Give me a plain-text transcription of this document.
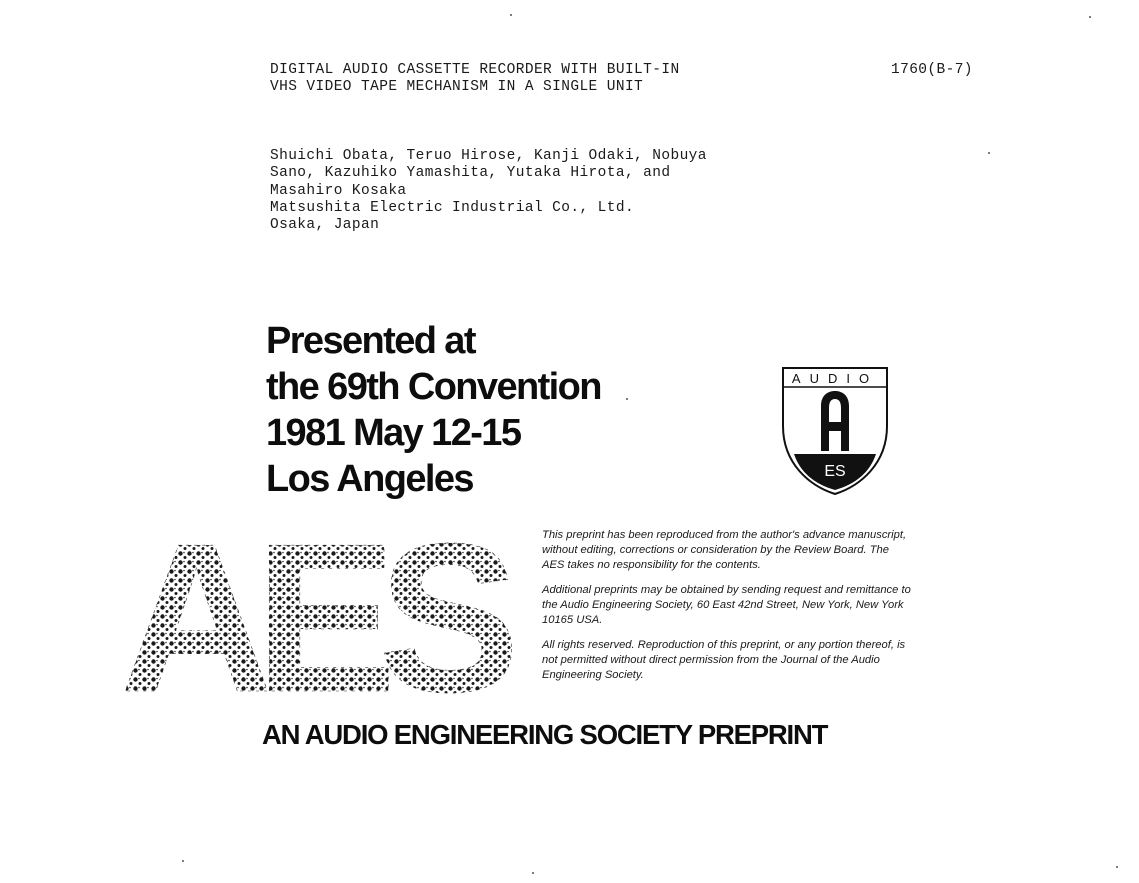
DIGITAL AUDIO CASSETTE RECORDER WITH BUILT-IN
VHS VIDEO TAPE MECHANISM IN A SINGLE UNIT
1760(B-7)
Shuichi Obata, Teruo Hirose, Kanji Odaki, Nobuya
Sano, Kazuhiko Yamashita, Yutaka Hirota, and
Masahiro Kosaka
Matsushita Electric Industrial Co., Ltd.
Osaka, Japan
Presented at
the 69th Convention
1981 May 12-15
Los Angeles
AUDIO
ES
AES	This preprint has been reproduced from the author's advance manuscript, without editing, corrections or consideration by the Review Board. The AES takes no responsibility for the contents.

Additional preprints may be obtained by sending request and remittance to the Audio Engineering Society, 60 East 42nd Street, New York, New York 10165 USA.

All rights reserved. Reproduction of this preprint, or any portion thereof, is not permitted without direct permission from the Journal of the Audio Engineering Society.

AN AUDIO ENGINEERING SOCIETY PREPRINT
